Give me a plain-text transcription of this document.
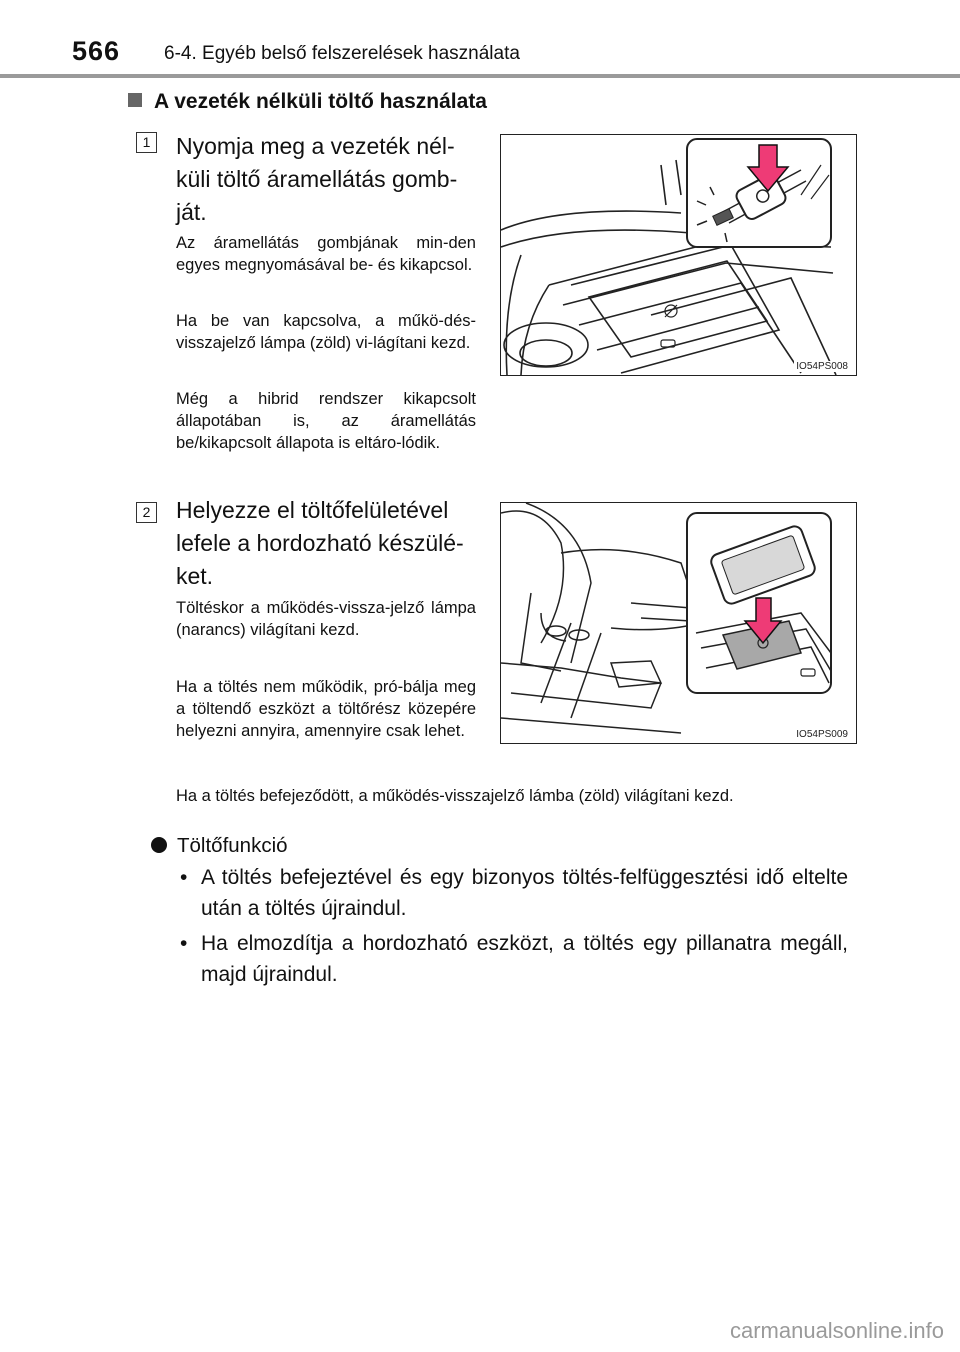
566 6-4. Egyéb belső felszerelések használata
A vezeték nélküli töltő használata
1 Nyomja meg a vezeték nél-küli töltő áramellátás gomb-ját.
Az áramellátás gombjának min-den egyes megnyomásával be- és kikapcsol.
Ha be van kapcsolva, a műkö-dés-visszajelző lámpa (zöld) vi-lágítani kezd.
Még a hibrid rendszer kikapcsolt állapotában is, az áramellátás be/kikapcsolt állapota is eltáro-lódik.
IO54PS008
2 Helyezze el töltőfelületével lefele a hordozható készülé-ket.
Töltéskor a működés-vissza-jelző lámpa (narancs) világítani kezd.
Ha a töltés nem működik, pró-bálja meg a töltendő eszközt a töltőrész közepére helyezni annyira, amennyire csak lehet.	IO54PS009
Ha a töltés befejeződött, a működés-visszajelző lámba (zöld) világítani kezd.
Töltőfunkció
• A töltés befejeztével és egy bizonyos töltés-felfüggesztési idő eltelte után a töltés újraindul.
• Ha elmozdítja a hordozható eszközt, a töltés egy pillanatra megáll, majd újraindul.
carmanualsonline.info
